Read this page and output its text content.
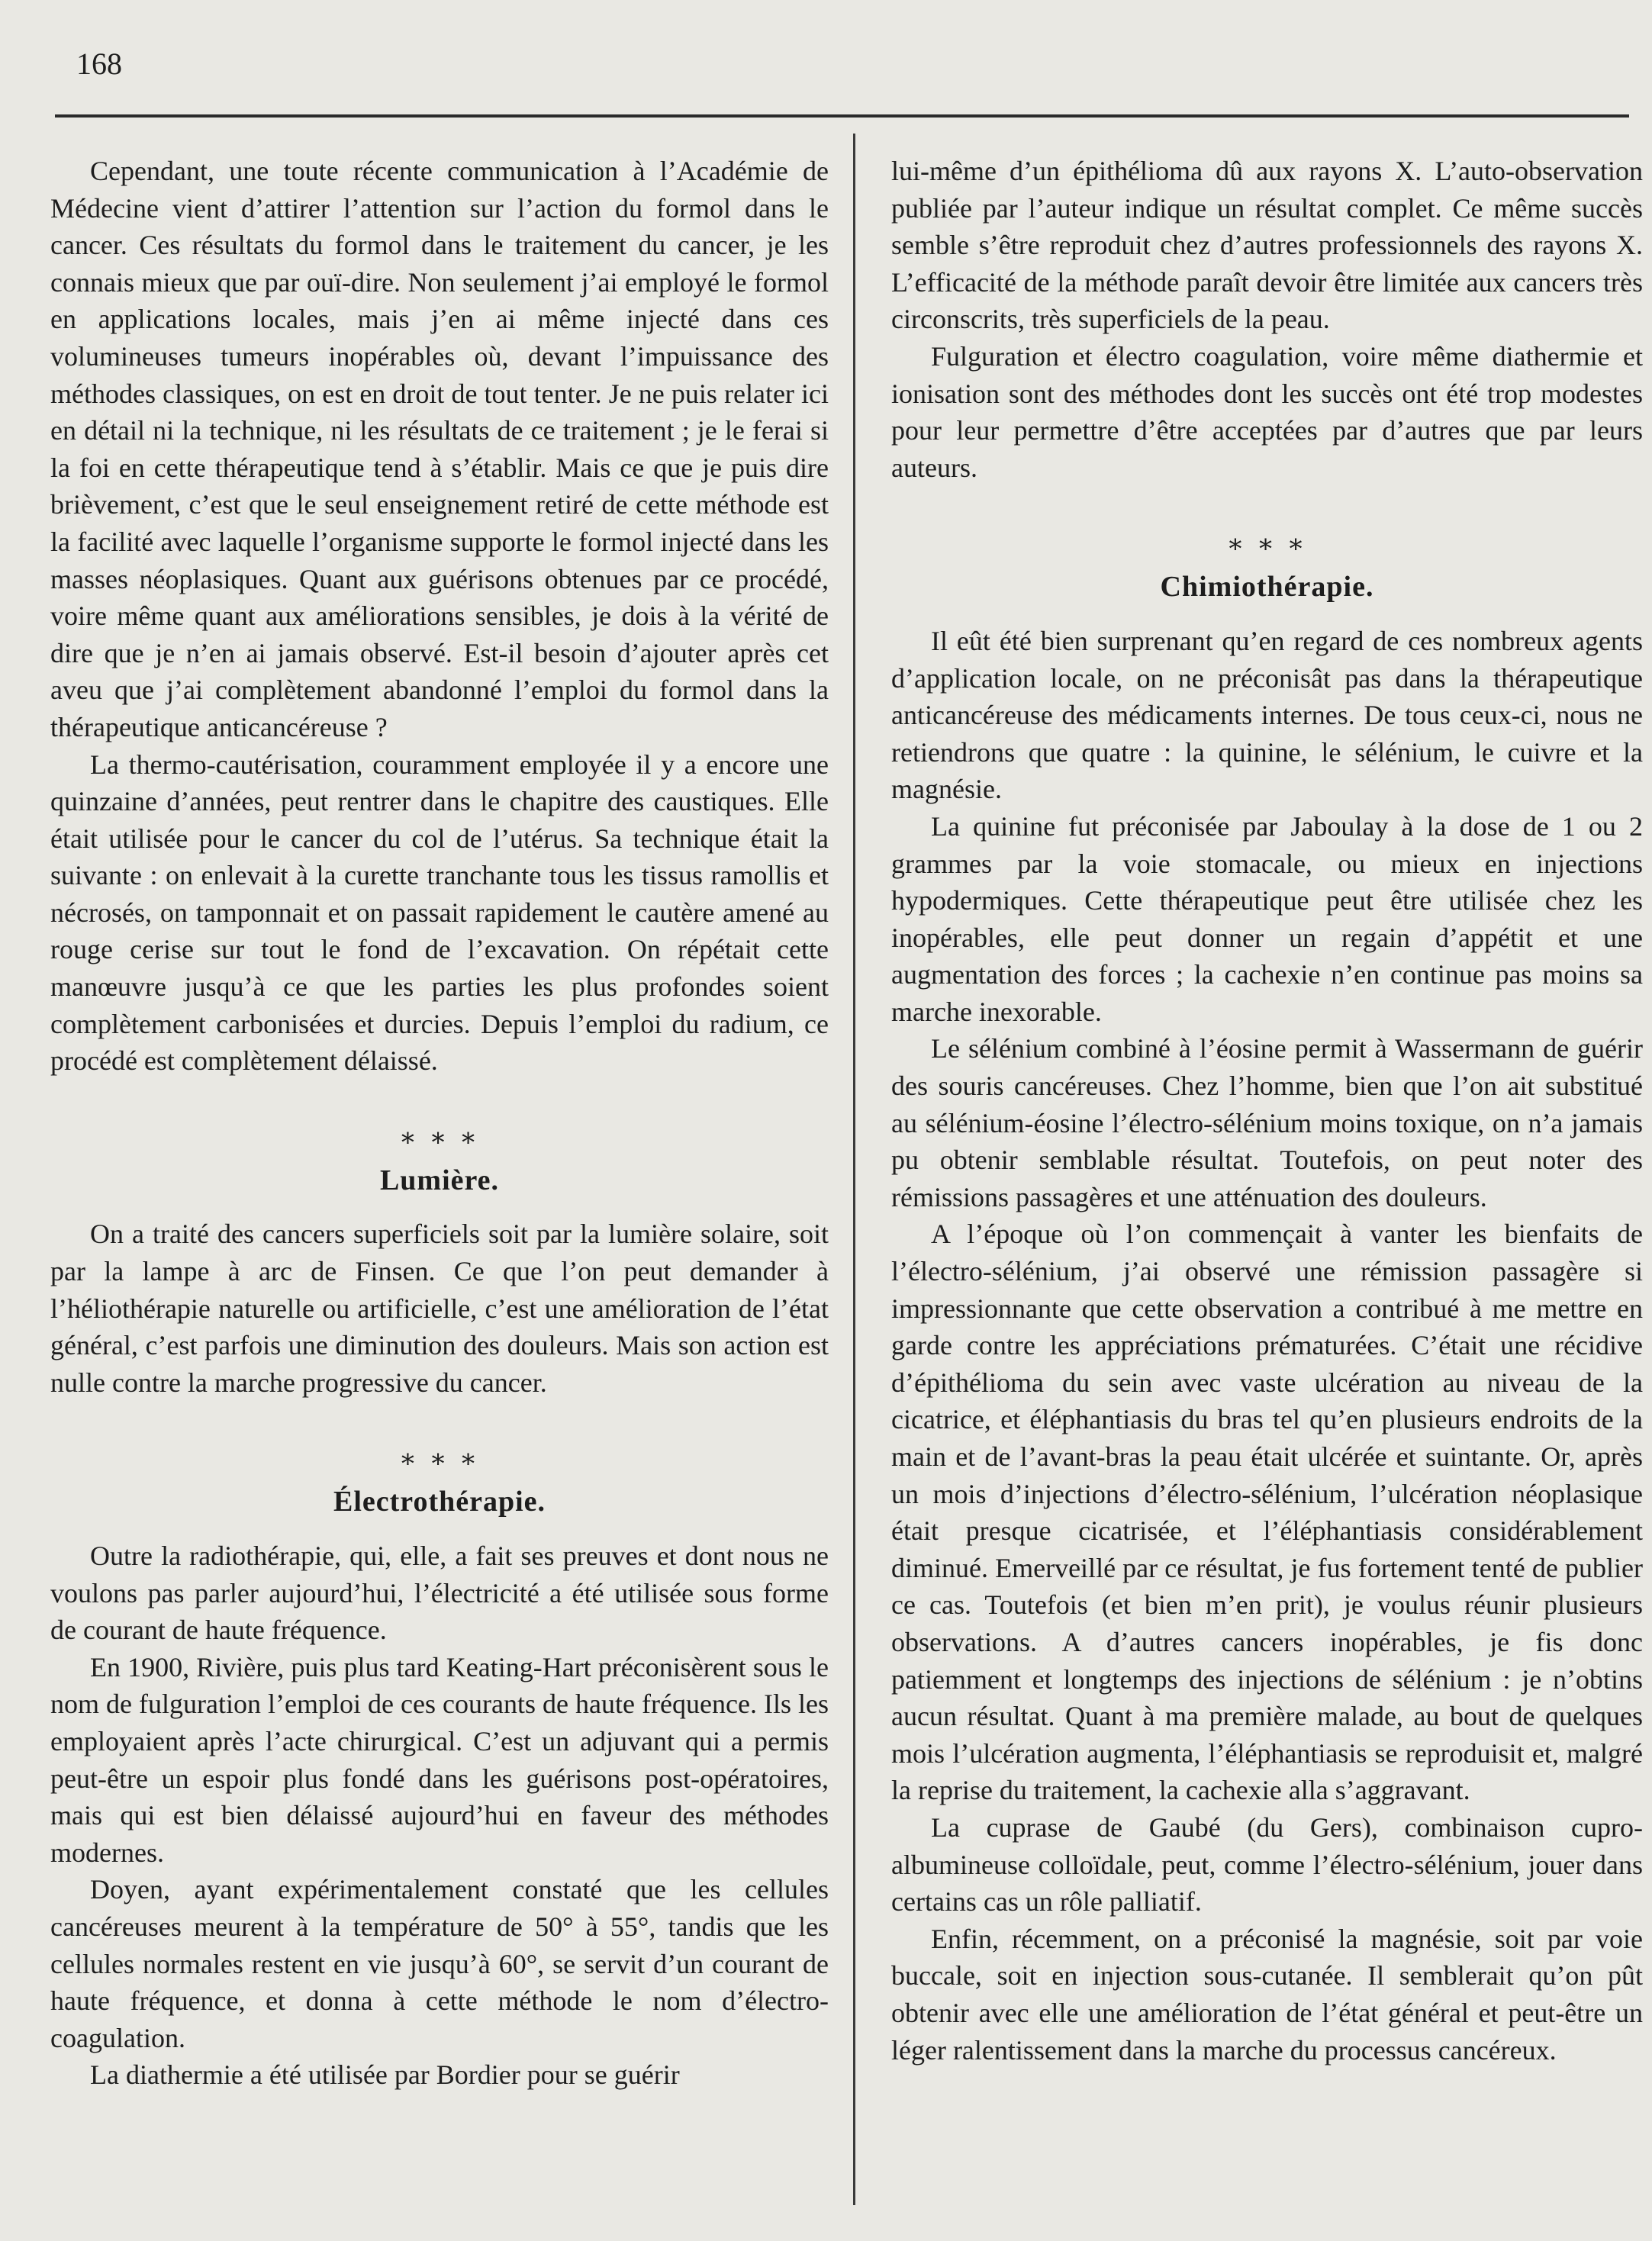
168

Cependant, une toute récente communication à l’Académie de Médecine vient d’attirer l’attention sur l’action du formol dans le cancer. Ces résultats du formol dans le traitement du cancer, je les connais mieux que par ouï-dire. Non seulement j’ai employé le formol en applications locales, mais j’en ai même injecté dans ces volumineuses tumeurs inopérables où, devant l’impuissance des méthodes classiques, on est en droit de tout tenter. Je ne puis relater ici en détail ni la technique, ni les résultats de ce traitement ; je le ferai si la foi en cette thérapeutique tend à s’établir. Mais ce que je puis dire brièvement, c’est que le seul enseignement retiré de cette méthode est la facilité avec laquelle l’organisme supporte le formol injecté dans les masses néoplasiques. Quant aux guérisons obtenues par ce procédé, voire même quant aux améliorations sensibles, je dois à la vérité de dire que je n’en ai jamais observé. Est-il besoin d’ajouter après cet aveu que j’ai complètement abandonné l’emploi du formol dans la thérapeutique anticancéreuse ?

La thermo-cautérisation, couramment employée il y a encore une quinzaine d’années, peut rentrer dans le chapitre des caustiques. Elle était utilisée pour le cancer du col de l’utérus. Sa technique était la suivante : on enlevait à la curette tranchante tous les tissus ramollis et nécrosés, on tamponnait et on passait rapidement le cautère amené au rouge cerise sur tout le fond de l’excavation. On répétait cette manœuvre jusqu’à ce que les parties les plus profondes soient complètement carbonisées et durcies. Depuis l’emploi du radium, ce procédé est complètement délaissé.

∗ ∗ ∗
Lumière.

On a traité des cancers superficiels soit par la lumière solaire, soit par la lampe à arc de Finsen. Ce que l’on peut demander à l’héliothérapie naturelle ou artificielle, c’est une amélioration de l’état général, c’est parfois une diminution des douleurs. Mais son action est nulle contre la marche progressive du cancer.

∗ ∗ ∗
Électrothérapie.

Outre la radiothérapie, qui, elle, a fait ses preuves et dont nous ne voulons pas parler aujourd’hui, l’électricité a été utilisée sous forme de courant de haute fréquence.

En 1900, Rivière, puis plus tard Keating-Hart préconisèrent sous le nom de fulguration l’emploi de ces courants de haute fréquence. Ils les employaient après l’acte chirurgical. C’est un adjuvant qui a permis peut-être un espoir plus fondé dans les guérisons post-opératoires, mais qui est bien délaissé aujourd’hui en faveur des méthodes modernes.

Doyen, ayant expérimentalement constaté que les cellules cancéreuses meurent à la température de 50° à 55°, tandis que les cellules normales restent en vie jusqu’à 60°, se servit d’un courant de haute fréquence, et donna à cette méthode le nom d’électro-coagulation.

La diathermie a été utilisée par Bordier pour se guérir

lui-même d’un épithélioma dû aux rayons X. L’auto-observation publiée par l’auteur indique un résultat complet. Ce même succès semble s’être reproduit chez d’autres professionnels des rayons X. L’efficacité de la méthode paraît devoir être limitée aux cancers très circonscrits, très superficiels de la peau.

Fulguration et électro coagulation, voire même diathermie et ionisation sont des méthodes dont les succès ont été trop modestes pour leur permettre d’être acceptées par d’autres que par leurs auteurs.

∗ ∗ ∗
Chimiothérapie.

Il eût été bien surprenant qu’en regard de ces nombreux agents d’application locale, on ne préconisât pas dans la thérapeutique anticancéreuse des médicaments internes. De tous ceux-ci, nous ne retiendrons que quatre : la quinine, le sélénium, le cuivre et la magnésie.

La quinine fut préconisée par Jaboulay à la dose de 1 ou 2 grammes par la voie stomacale, ou mieux en injections hypodermiques. Cette thérapeutique peut être utilisée chez les inopérables, elle peut donner un regain d’appétit et une augmentation des forces ; la cachexie n’en continue pas moins sa marche inexorable.

Le sélénium combiné à l’éosine permit à Wassermann de guérir des souris cancéreuses. Chez l’homme, bien que l’on ait substitué au sélénium-éosine l’électro-sélénium moins toxique, on n’a jamais pu obtenir semblable résultat. Toutefois, on peut noter des rémissions passagères et une atténuation des douleurs.

A l’époque où l’on commençait à vanter les bienfaits de l’électro-sélénium, j’ai observé une rémission passagère si impressionnante que cette observation a contribué à me mettre en garde contre les appréciations prématurées. C’était une récidive d’épithélioma du sein avec vaste ulcération au niveau de la cicatrice, et éléphantiasis du bras tel qu’en plusieurs endroits de la main et de l’avant-bras la peau était ulcérée et suintante. Or, après un mois d’injections d’électro-sélénium, l’ulcération néoplasique était presque cicatrisée, et l’éléphantiasis considérablement diminué. Emerveillé par ce résultat, je fus fortement tenté de publier ce cas. Toutefois (et bien m’en prit), je voulus réunir plusieurs observations. A d’autres cancers inopérables, je fis donc patiemment et longtemps des injections de sélénium : je n’obtins aucun résultat. Quant à ma première malade, au bout de quelques mois l’ulcération augmenta, l’éléphantiasis se reproduisit et, malgré la reprise du traitement, la cachexie alla s’aggravant.

La cuprase de Gaubé (du Gers), combinaison cupro-albumineuse colloïdale, peut, comme l’électro-sélénium, jouer dans certains cas un rôle palliatif.

Enfin, récemment, on a préconisé la magnésie, soit par voie buccale, soit en injection sous-cutanée. Il semblerait qu’on pût obtenir avec elle une amélioration de l’état général et peut-être un léger ralentissement dans la marche du processus cancéreux.
